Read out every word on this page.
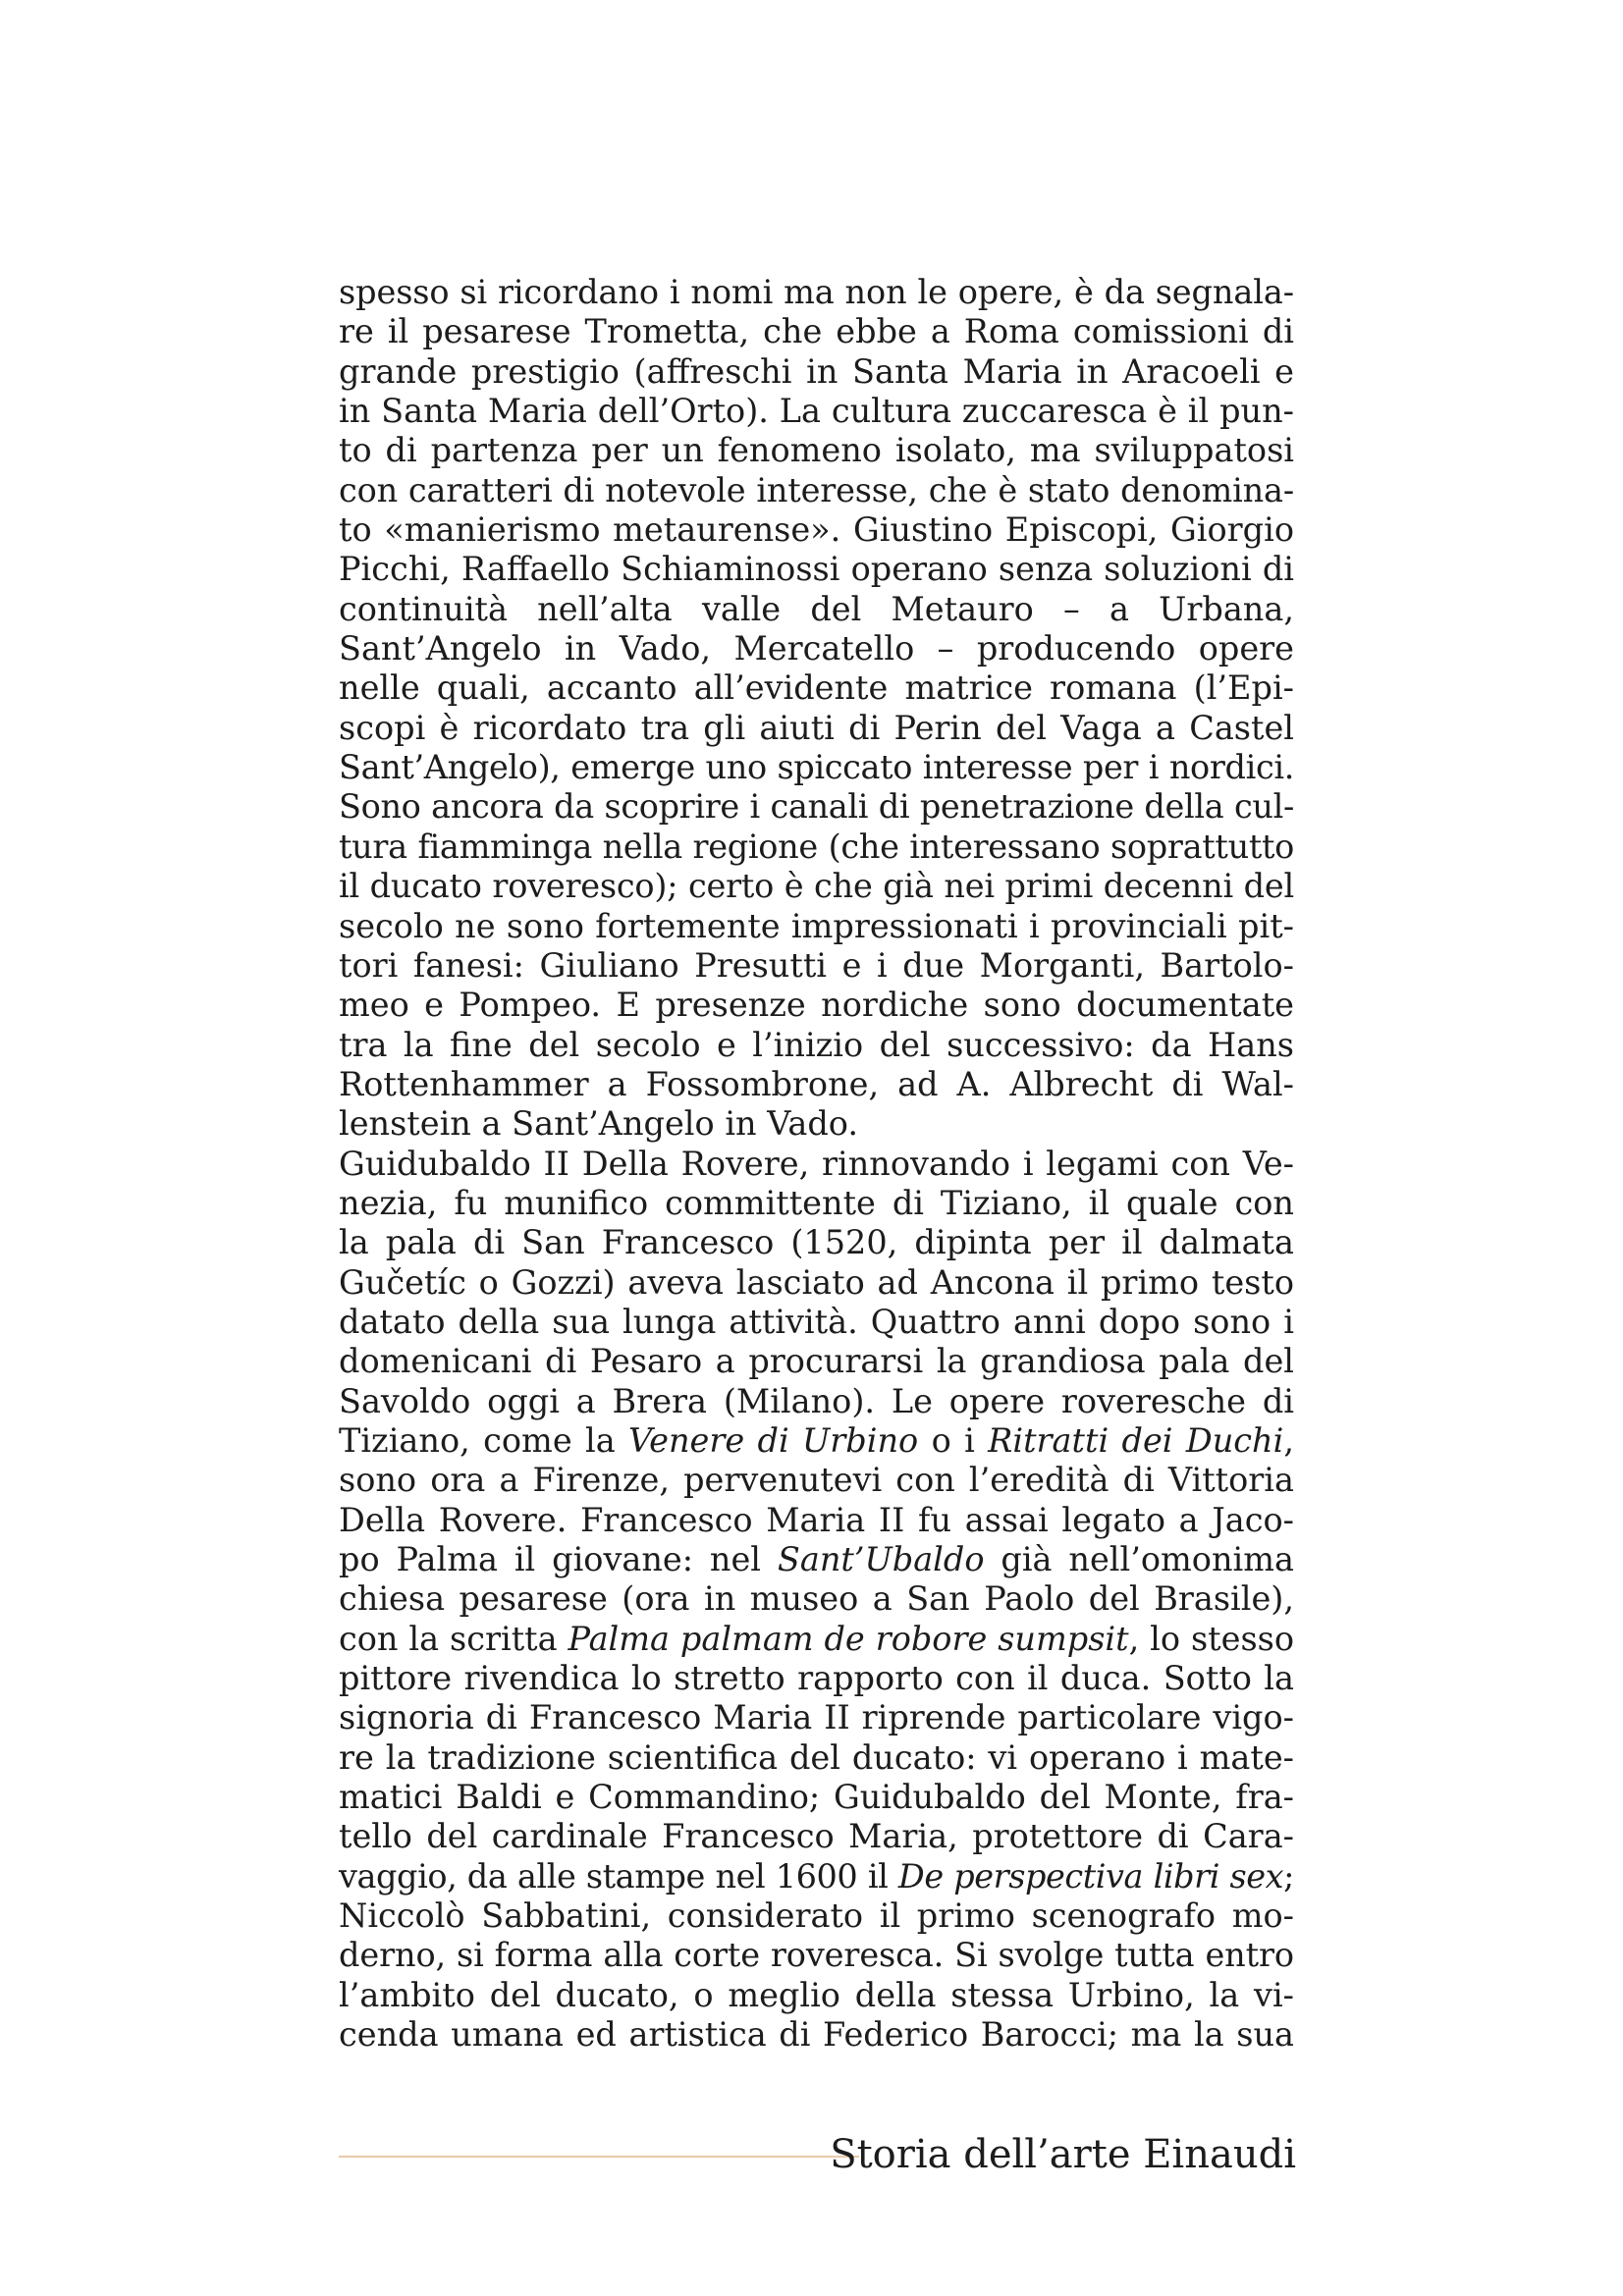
spesso si ricordano i nomi ma non le opere, è da segnala-
re il pesarese Trometta, che ebbe a Roma comissioni di
grande prestigio (affreschi in Santa Maria in Aracoeli e
in Santa Maria dell’Orto). La cultura zuccaresca è il pun-
to di partenza per un fenomeno isolato, ma sviluppatosi
con caratteri di notevole interesse, che è stato denomina-
to «manierismo metaurense». Giustino Episcopi, Giorgio
Picchi, Raffaello Schiaminossi operano senza soluzioni di
continuità nell’alta valle del Metauro – a Urbana,
Sant’Angelo in Vado, Mercatello – producendo opere
nelle quali, accanto all’evidente matrice romana (l’Epi-
scopi è ricordato tra gli aiuti di Perin del Vaga a Castel
Sant’Angelo), emerge uno spiccato interesse per i nordici.
Sono ancora da scoprire i canali di penetrazione della cul-
tura fiamminga nella regione (che interessano soprattutto
il ducato roveresco); certo è che già nei primi decenni del
secolo ne sono fortemente impressionati i provinciali pit-
tori fanesi: Giuliano Presutti e i due Morganti, Bartolo-
meo e Pompeo. E presenze nordiche sono documentate
tra la fine del secolo e l’inizio del successivo: da Hans
Rottenhammer a Fossombrone, ad A. Albrecht di Wal-
lenstein a Sant’Angelo in Vado.
Guidubaldo II Della Rovere, rinnovando i legami con Ve-
nezia, fu munifico committente di Tiziano, il quale con
la pala di San Francesco (1520, dipinta per il dalmata
Gučetíc o Gozzi) aveva lasciato ad Ancona il primo testo
datato della sua lunga attività. Quattro anni dopo sono i
domenicani di Pesaro a procurarsi la grandiosa pala del
Savoldo oggi a Brera (Milano). Le opere roveresche di
Tiziano, come la Venere di Urbino o i Ritratti dei Duchi,
sono ora a Firenze, pervenutevi con l’eredità di Vittoria
Della Rovere. Francesco Maria II fu assai legato a Jaco-
po Palma il giovane: nel Sant’Ubaldo già nell’omonima
chiesa pesarese (ora in museo a San Paolo del Brasile),
con la scritta Palma palmam de robore sumpsit, lo stesso
pittore rivendica lo stretto rapporto con il duca. Sotto la
signoria di Francesco Maria II riprende particolare vigo-
re la tradizione scientifica del ducato: vi operano i mate-
matici Baldi e Commandino; Guidubaldo del Monte, fra-
tello del cardinale Francesco Maria, protettore di Cara-
vaggio, da alle stampe nel 1600 il De perspectiva libri sex;
Niccolò Sabbatini, considerato il primo scenografo mo-
derno, si forma alla corte roveresca. Si svolge tutta entro
l’ambito del ducato, o meglio della stessa Urbino, la vi-
cenda umana ed artistica di Federico Barocci; ma la sua
Storia dell’arte Einaudi
